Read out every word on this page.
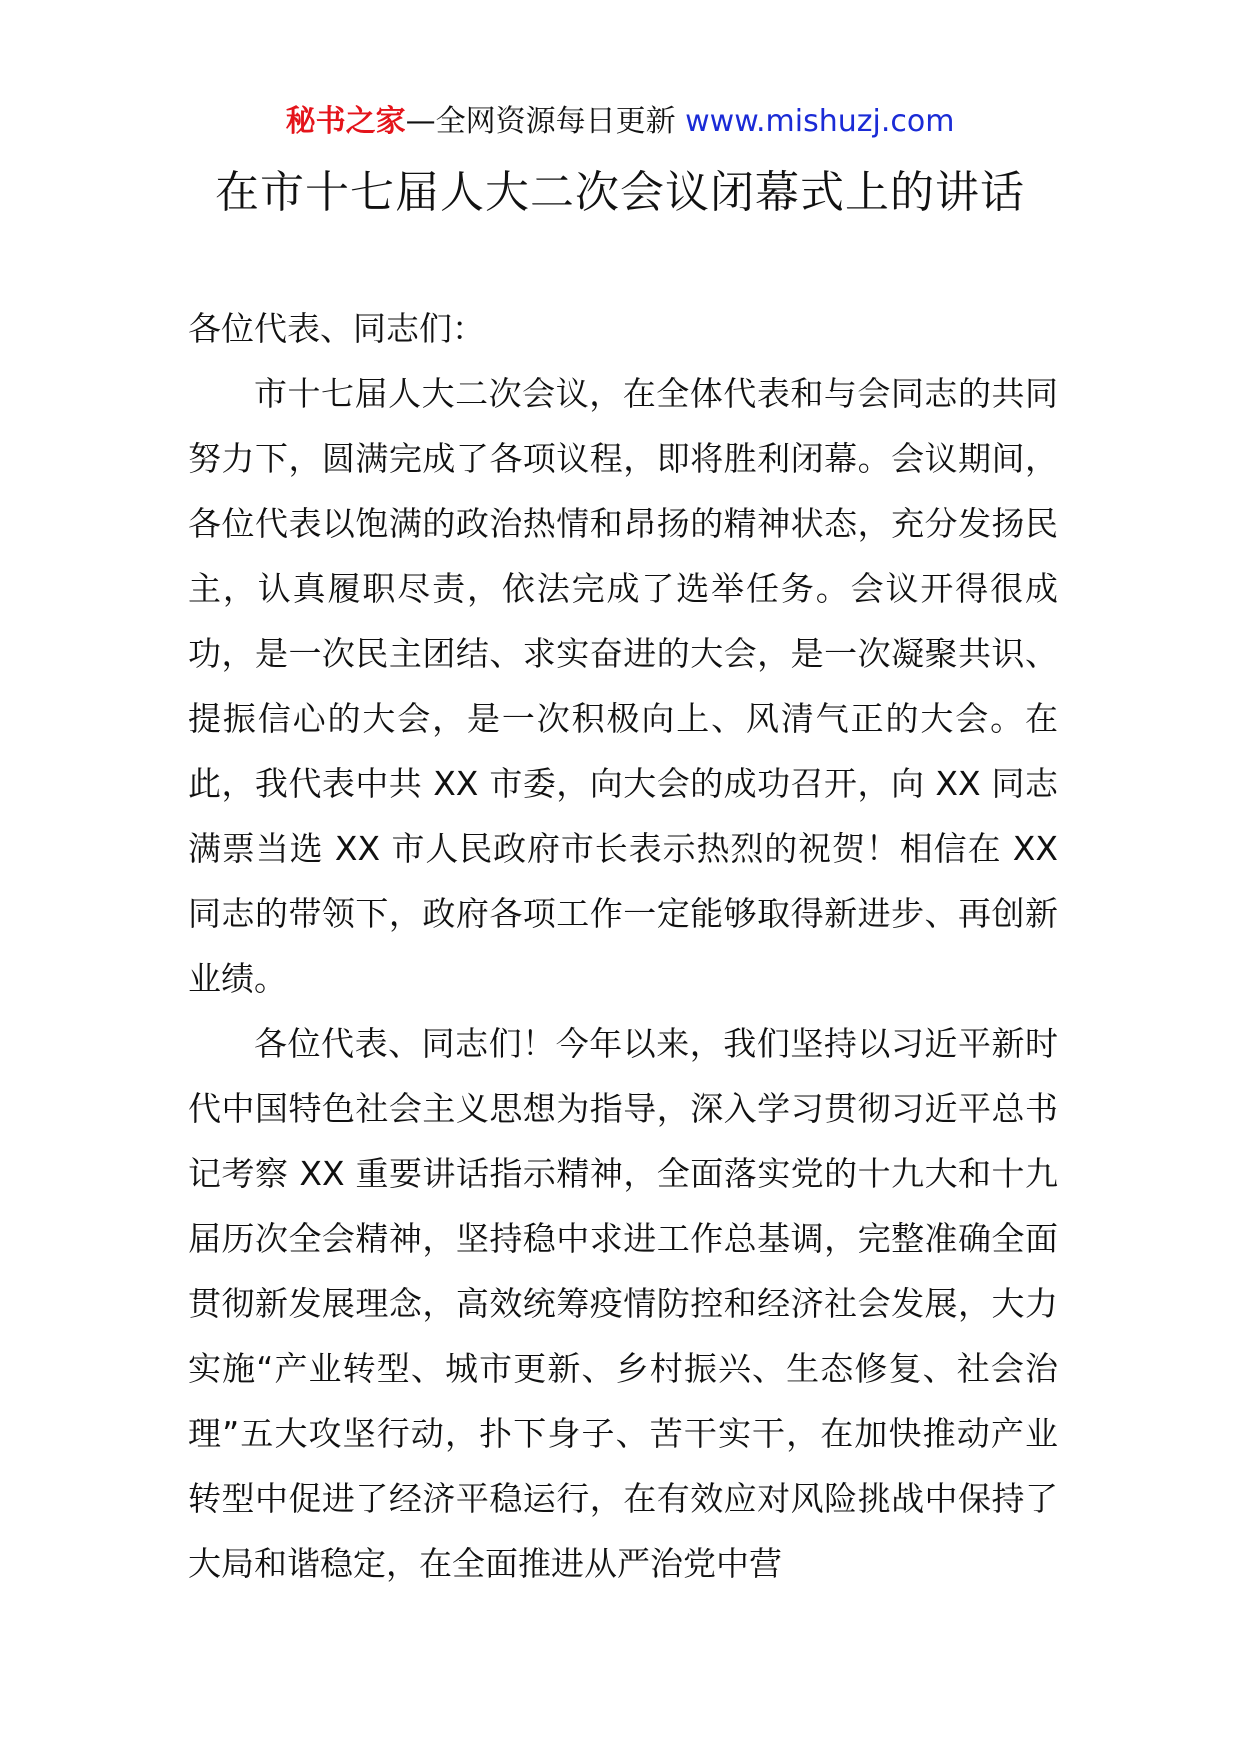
秘书之家—全网资源每日更新 www.mishuzj.com
在市十七届人大二次会议闭幕式上的讲话

各位代表、同志们：

市十七届人大二次会议，在全体代表和与会同志的共同努力下，圆满完成了各项议程，即将胜利闭幕。会议期间，各位代表以饱满的政治热情和昂扬的精神状态，充分发扬民主，认真履职尽责，依法完成了选举任务。会议开得很成功，是一次民主团结、求实奋进的大会，是一次凝聚共识、提振信心的大会，是一次积极向上、风清气正的大会。在此，我代表中共 XX 市委，向大会的成功召开，向 XX 同志满票当选 XX 市人民政府市长表示热烈的祝贺！相信在 XX 同志的带领下，政府各项工作一定能够取得新进步、再创新业绩。

各位代表、同志们！今年以来，我们坚持以习近平新时代中国特色社会主义思想为指导，深入学习贯彻习近平总书记考察 XX 重要讲话指示精神，全面落实党的十九大和十九届历次全会精神，坚持稳中求进工作总基调，完整准确全面贯彻新发展理念，高效统筹疫情防控和经济社会发展，大力实施“产业转型、城市更新、乡村振兴、生态修复、社会治理”五大攻坚行动，扑下身子、苦干实干，在加快推动产业转型中促进了经济平稳运行，在有效应对风险挑战中保持了大局和谐稳定，在全面推进从严治党中营
